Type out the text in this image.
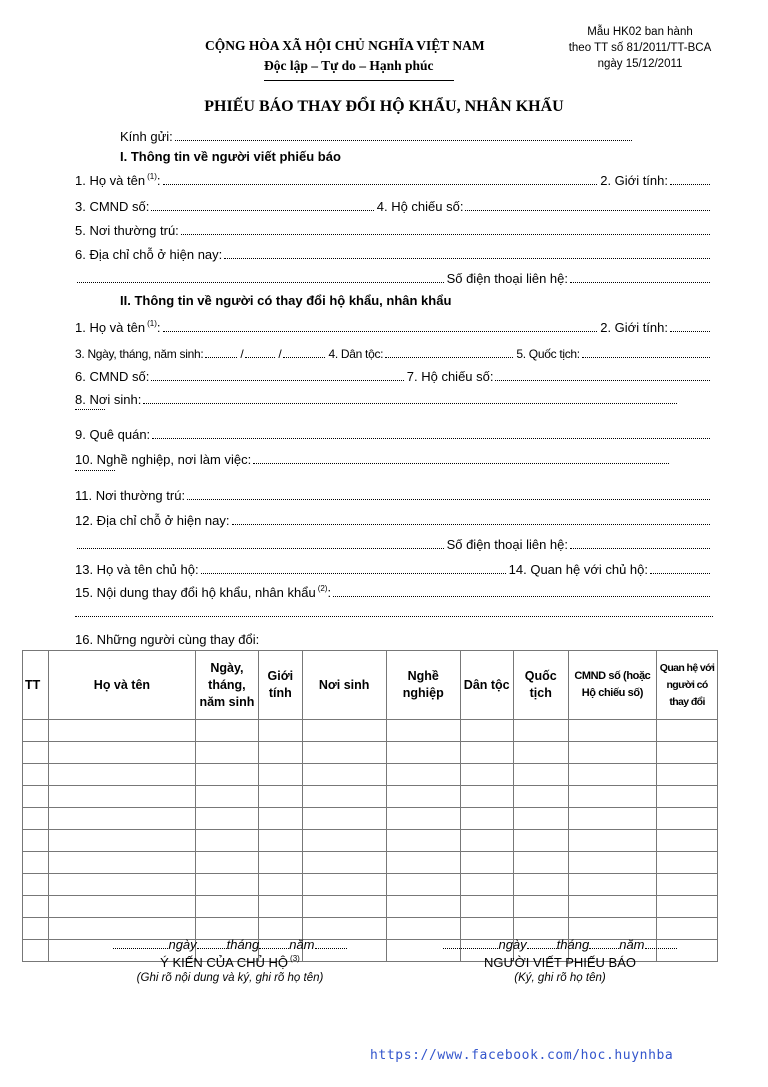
CỘNG HÒA XÃ HỘI CHỦ NGHĨA VIỆT NAM
Độc lập – Tự do – Hạnh phúc
Mẫu HK02 ban hành
theo TT số 81/2011/TT-BCA
ngày 15/12/2011
PHIẾU BÁO THAY ĐỔI HỘ KHẨU, NHÂN KHẨU
Kính gửi:
I. Thông tin về người viết phiếu báo
1. Họ và tên (1) :	2. Giới tính:
3. CMND số:	4. Hộ chiếu số:
5. Nơi thường trú:
6. Địa chỉ chỗ ở hiện nay:
Số điện thoại liên hệ:
II. Thông tin về người có thay đổi hộ khẩu, nhân khẩu
1. Họ và tên (1) :	2. Giới tính:
3. Ngày, tháng, năm sinh:	/	/	4. Dân tộc:	5. Quốc tịch:
6. CMND số:	7. Hộ chiếu số:
8. Nơi sinh:
9. Quê quán:
10. Nghề nghiệp, nơi làm việc:
11. Nơi thường trú:
12. Địa chỉ chỗ ở hiện nay:
Số điện thoại liên hệ:
13. Họ và tên chủ hộ:	14. Quan hệ với chủ hộ:
15. Nội dung thay đổi hộ khẩu, nhân khẩu (2) :
16. Những người cùng thay đổi:
TT	Họ và tên	Ngày, tháng, năm sinh	Giới tính	Nơi sinh	Nghề nghiệp	Dân tộc	Quốc tịch	CMND số (hoặc Hộ chiếu số)	Quan hệ với người có thay đổi

ngày tháng năm
Ý KIẾN CỦA CHỦ HỘ $^{(3)}$
(Ghi rõ nội dung và ký, ghi rõ họ tên)
ngày tháng năm
NGƯỜI VIẾT PHIẾU BÁO
(Ký, ghi rõ họ tên)
https://www.facebook.com/hoc.huynhba
